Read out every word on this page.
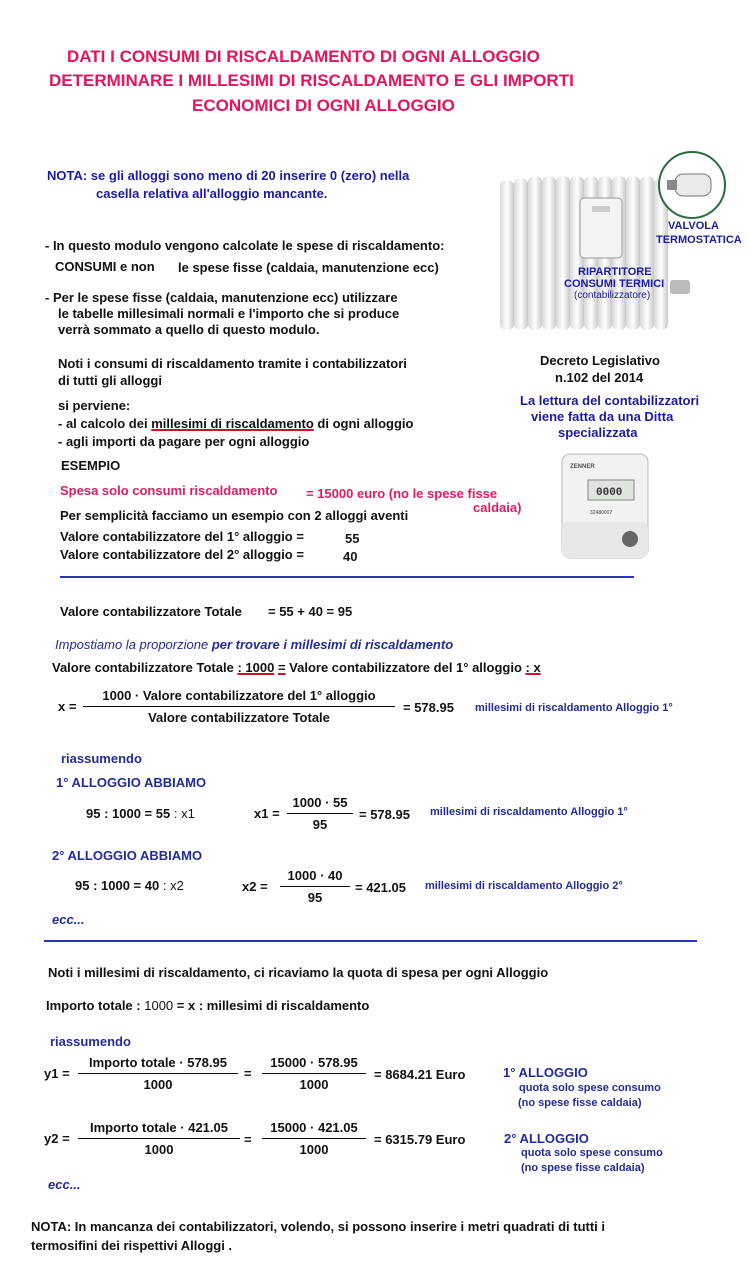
DATI I CONSUMI DI RISCALDAMENTO DI OGNI ALLOGGIO
DETERMINARE I MILLESIMI DI RISCALDAMENTO E GLI IMPORTI
ECONOMICI DI OGNI ALLOGGIO
NOTA: se gli alloggi sono meno di 20 inserire 0 (zero) nella
casella relativa all'alloggio mancante.
- In questo modulo vengono calcolate le spese di riscaldamento:
CONSUMI e non le spese fisse (caldaia, manutenzione ecc)
- Per le spese fisse (caldaia, manutenzione ecc) utilizzare
le tabelle millesimali normali e l'importo che si produce
verrà sommato a quello di questo modulo.
VALVOLA
TERMOSTATICA
RIPARTITORE
CONSUMI TERMICI
(contabilizzatore)
Decreto Legislativo
n.102 del 2014
La lettura del contabilizzatori
viene fatta da una Ditta
specializzata
ZENNER
0000
32480007
Noti i consumi di riscaldamento tramite i contabilizzatori
di tutti gli alloggi
si perviene:
- al calcolo dei millesimi di riscaldamento di ogni alloggio
- agli importi da pagare per ogni alloggio
ESEMPIO
Spesa solo consumi riscaldamento = 15000 euro (no le spese fisse
caldaia)
Per semplicità facciamo un esempio con 2 alloggi aventi
Valore contabilizzatore del 1° alloggio =	55
Valore contabilizzatore del 2° alloggio =	40
Valore contabilizzatore Totale = 55 + 40 = 95
Impostiamo la proporzione per trovare i millesimi di riscaldamento
Valore contabilizzatore Totale : 1000 = Valore contabilizzatore del 1° alloggio : x
x =
1000 · Valore contabilizzatore del 1° alloggio
Valore contabilizzatore Totale
= 578.95 millesimi di riscaldamento Alloggio 1°
riassumendo
1° ALLOGGIO ABBIAMO
95 : 1000 = 55 : x1	$x1 = \frac{1000 \cdot 55}{95} = 578.95$ millesimi di riscaldamento Alloggio 1°
2° ALLOGGIO ABBIAMO
95 : 1000 = 40 : x2	$x2 = \frac{1000 \cdot 40}{95} = 421.05$ millesimi di riscaldamento Alloggio 2°
ecc...
Noti i millesimi di riscaldamento, ci ricaviamo la quota di spesa per ogni Alloggio
Importo totale : 1000 = x : millesimi di riscaldamento
riassumendo
y1 =
Importo totale · 578.95
1000
= $\frac{15000 \cdot 578.95}{1000} = 8684.21$ Euro	1° ALLOGGIO
quota solo spese consumo
(no spese fisse caldaia)
y2 =
Importo totale · 421.05
1000
= $\frac{15000 \cdot 421.05}{1000} = 6315.79$ Euro	2° ALLOGGIO
quota solo spese consumo
(no spese fisse caldaia)
ecc...
NOTA: In mancanza dei contabilizzatori, volendo, si possono inserire i metri quadrati di tutti i
termosifini dei rispettivi Alloggi .
